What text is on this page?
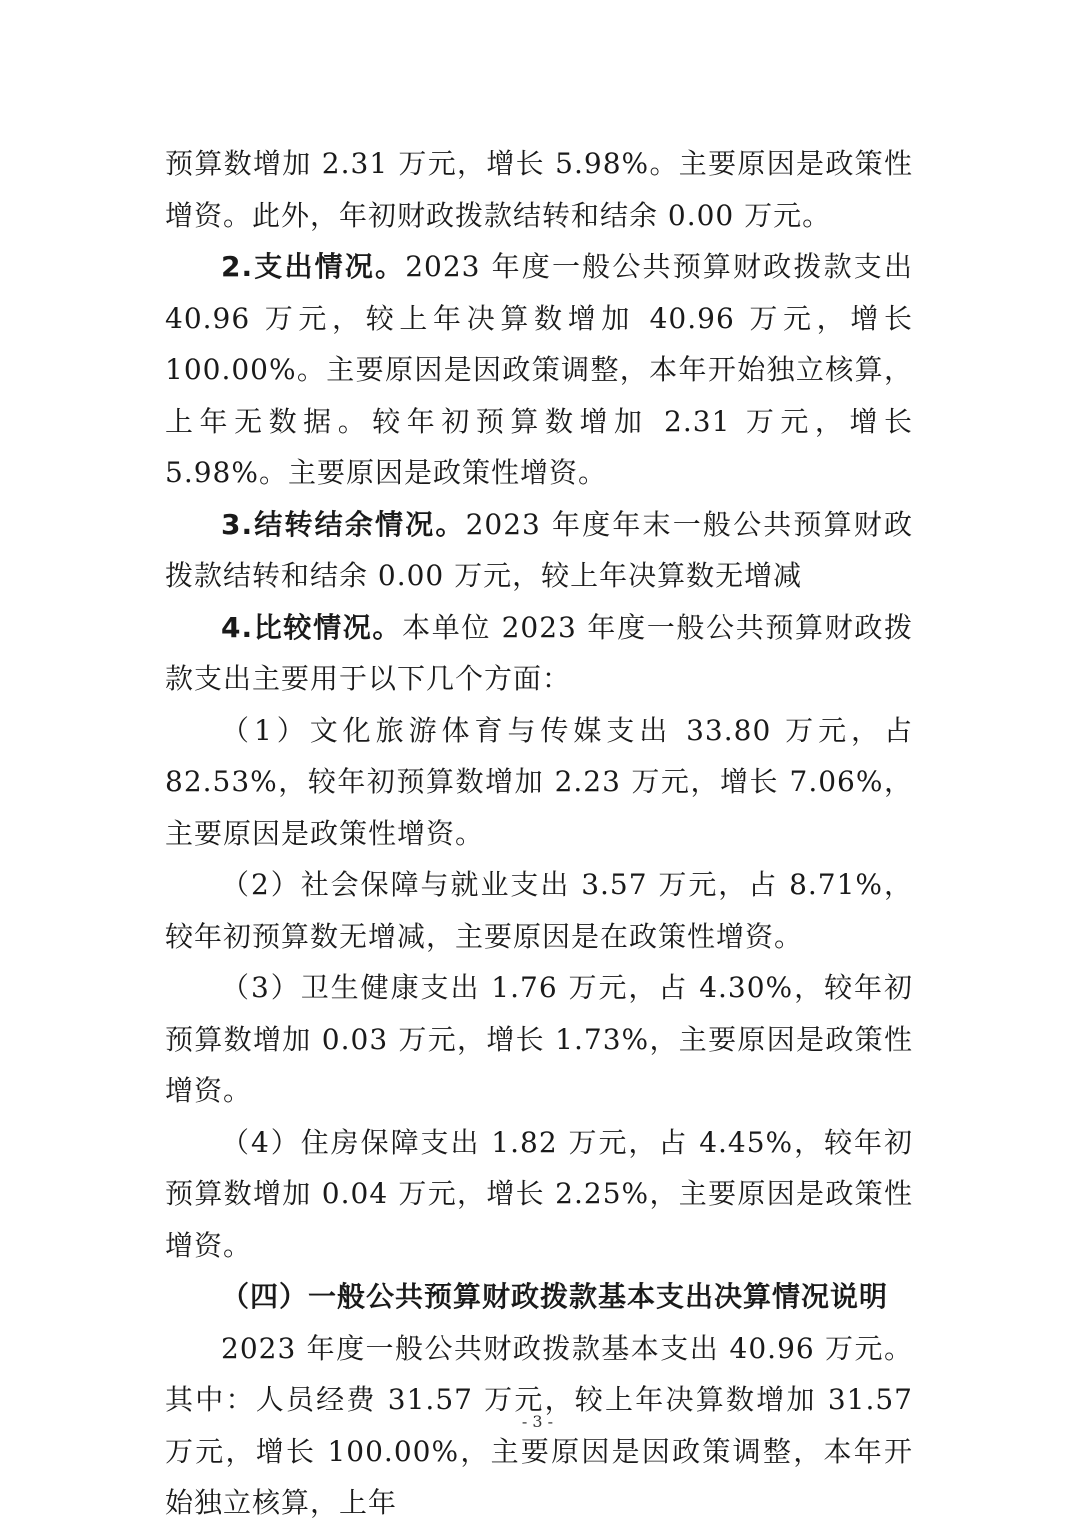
预算数增加 2.31 万元，增长 5.98%。主要原因是政策性增资。此外，年初财政拨款结转和结余 0.00 万元。

2.支出情况。2023 年度一般公共预算财政拨款支出 40.96 万元，较上年决算数增加 40.96 万元，增长 100.00%。主要原因是因政策调整，本年开始独立核算，上年无数据。较年初预算数增加 2.31 万元，增长 5.98%。主要原因是政策性增资。

3.结转结余情况。2023 年度年末一般公共预算财政拨款结转和结余 0.00 万元，较上年决算数无增减

4.比较情况。本单位 2023 年度一般公共预算财政拨款支出主要用于以下几个方面：

（1）文化旅游体育与传媒支出 33.80 万元，占 82.53%，较年初预算数增加 2.23 万元，增长 7.06%，主要原因是政策性增资。

（2）社会保障与就业支出 3.57 万元，占 8.71%，较年初预算数无增减，主要原因是在政策性增资。

（3）卫生健康支出 1.76 万元，占 4.30%，较年初预算数增加 0.03 万元，增长 1.73%，主要原因是政策性增资。

（4）住房保障支出 1.82 万元，占 4.45%，较年初预算数增加 0.04 万元，增长 2.25%，主要原因是政策性增资。

（四）一般公共预算财政拨款基本支出决算情况说明

2023 年度一般公共财政拨款基本支出 40.96 万元。其中：人员经费 31.57 万元，较上年决算数增加 31.57 万元，增长 100.00%，主要原因是因政策调整，本年开始独立核算，上年

- 3 -
